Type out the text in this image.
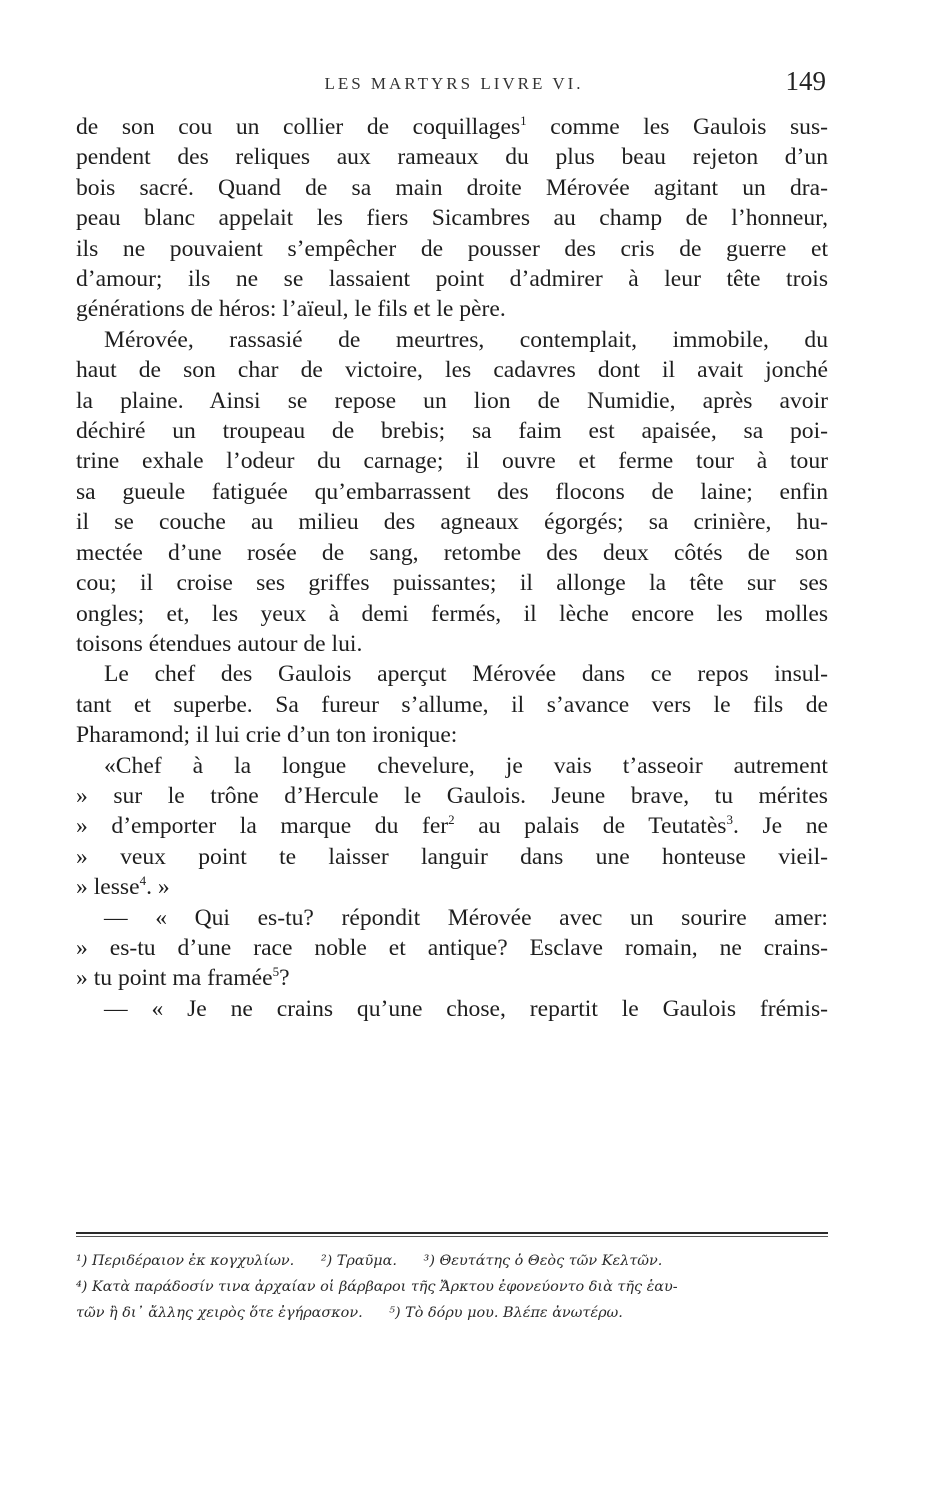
LES MARTYRS LIVRE VI.	149

de son cou un collier de coquillages$^1$ comme les Gaulois sus-
pendent des reliques aux rameaux du plus beau rejeton d’un
bois sacré. Quand de sa main droite Mérovée agitant un dra-
peau blanc appelait les fiers Sicambres au champ de l’honneur,
ils ne pouvaient s’empêcher de pousser des cris de guerre et
d’amour; ils ne se lassaient point d’admirer à leur tête trois
générations de héros: l’aïeul, le fils et le père.

Mérovée, rassasié de meurtres, contemplait, immobile, du
haut de son char de victoire, les cadavres dont il avait jonché
la plaine. Ainsi se repose un lion de Numidie, après avoir
déchiré un troupeau de brebis; sa faim est apaisée, sa poi-
trine exhale l’odeur du carnage; il ouvre et ferme tour à tour
sa gueule fatiguée qu’embarrassent des flocons de laine; enfin
il se couche au milieu des agneaux égorgés; sa crinière, hu-
mectée d’une rosée de sang, retombe des deux côtés de son
cou; il croise ses griffes puissantes; il allonge la tête sur ses
ongles; et, les yeux à demi fermés, il lèche encore les molles
toisons étendues autour de lui.

Le chef des Gaulois aperçut Mérovée dans ce repos insul-
tant et superbe. Sa fureur s’allume, il s’avance vers le fils de
Pharamond; il lui crie d’un ton ironique:

«Chef à la longue chevelure, je vais t’asseoir autrement
» sur le trône d’Hercule le Gaulois. Jeune brave, tu mérites
» d’emporter la marque du fer$^2$ au palais de Teutatès$^3$. Je ne
» veux point te laisser languir dans une honteuse vieil-
» lesse$^4$. »

— « Qui es-tu? répondit Mérovée avec un sourire amer:
» es-tu d’une race noble et antique? Esclave romain, ne crains-
» tu point ma framée$^5$?

— « Je ne crains qu’une chose, repartit le Gaulois frémis-

¹) Περιδέραιον ἐκ κογχυλίων. ²) Τραῦμα. ³) Θευτάτης ὁ Θεὸς τῶν Κελτῶν.
⁴) Κατὰ παράδοσίν τινα ἀρχαίαν οἱ βάρβαροι τῆς Ἄρκτου ἐφονεύοντο διὰ τῆς ἑαυ-
τῶν ἢ δι᾽ ἄλλης χειρὸς ὅτε ἐγήρασκον. ⁵) Τὸ δόρυ μου. Βλέπε ἀνωτέρω.
